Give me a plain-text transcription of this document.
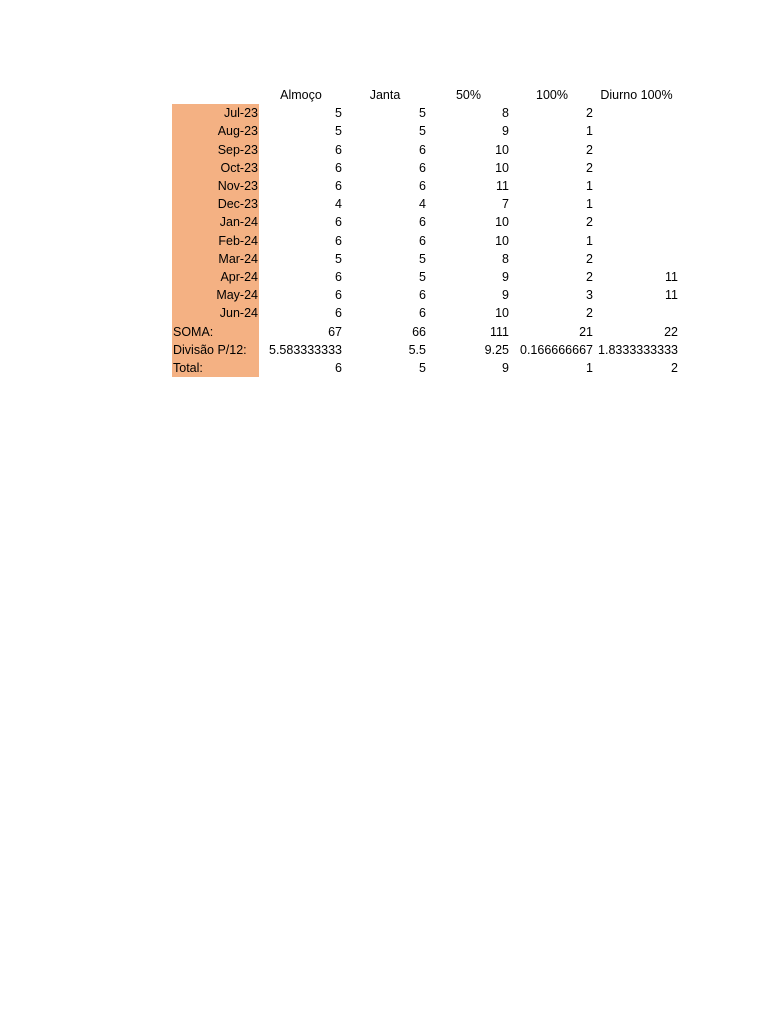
	Almoço	Janta	50%	100%	Diurno 100%
Jul-23	5	5	8	2	
Aug-23	5	5	9	1	
Sep-23	6	6	10	2	
Oct-23	6	6	10	2	
Nov-23	6	6	11	1	
Dec-23	4	4	7	1	
Jan-24	6	6	10	2	
Feb-24	6	6	10	1	
Mar-24	5	5	8	2	
Apr-24	6	5	9	2	11
May-24	6	6	9	3	11
Jun-24	6	6	10	2	
SOMA:	67	66	111	21	22
Divisão P/12:	5.583333333	5.5	9.25	0.166666667	1.8333333333
Total:	6	5	9	1	2
